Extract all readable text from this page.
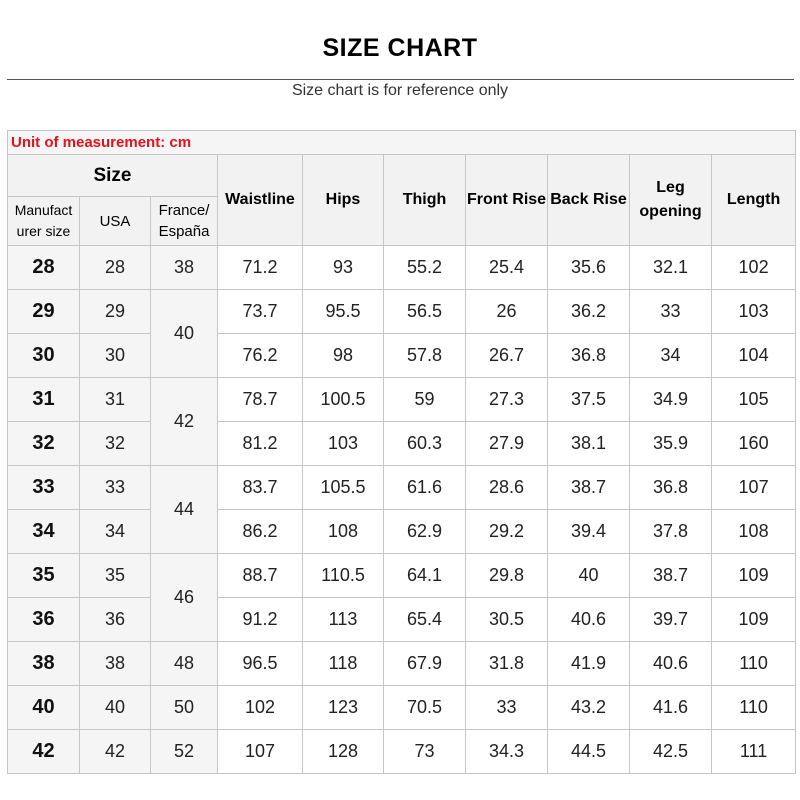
SIZE CHART
Size chart is for reference only
Unit of measurement: cm									
Size			Waistline	Hips	Thigh	Front Rise	Back Rise	Leg opening	Length
Manufact urer size	USA	France/ España							
28	28	38	71.2	93	55.2	25.4	35.6	32.1	102
29	29	40	73.7	95.5	56.5	26	36.2	33	103
30	30		76.2	98	57.8	26.7	36.8	34	104
31	31	42	78.7	100.5	59	27.3	37.5	34.9	105
32	32		81.2	103	60.3	27.9	38.1	35.9	160
33	33	44	83.7	105.5	61.6	28.6	38.7	36.8	107
34	34		86.2	108	62.9	29.2	39.4	37.8	108
35	35	46	88.7	110.5	64.1	29.8	40	38.7	109
36	36		91.2	113	65.4	30.5	40.6	39.7	109
38	38	48	96.5	118	67.9	31.8	41.9	40.6	110
40	40	50	102	123	70.5	33	43.2	41.6	110
42	42	52	107	128	73	34.3	44.5	42.5	111
